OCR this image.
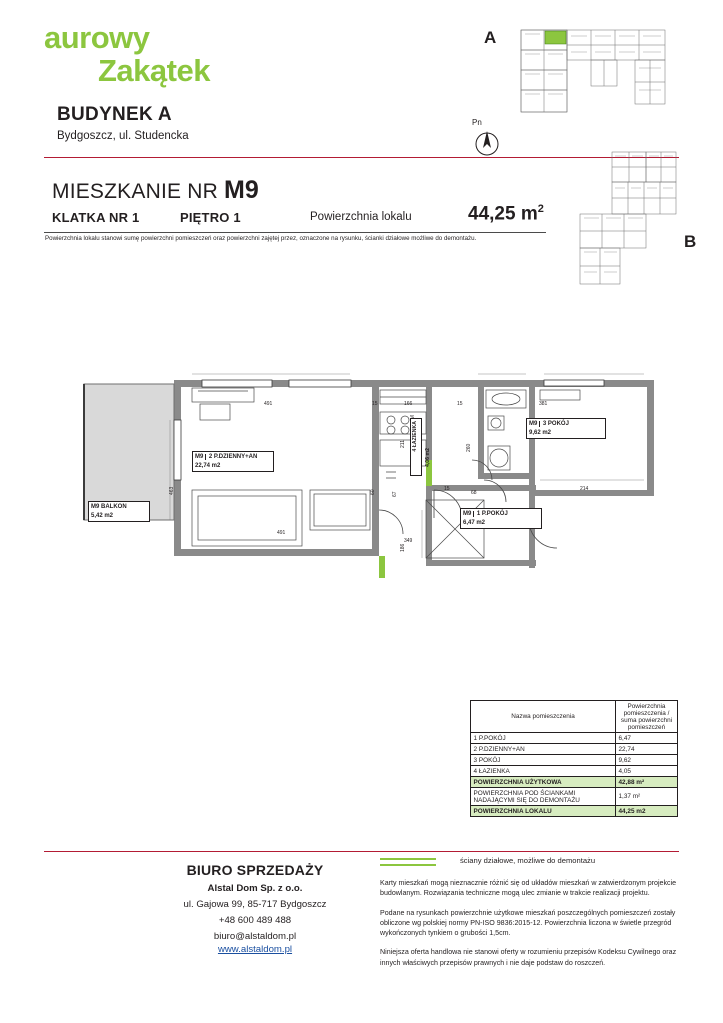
aurowy
Zakątek
BUDYNEK A
Bydgoszcz, ul. Studencka
MIESZKANIE NR M9
KLATKA NR 1	PIĘTRO 1	Powierzchnia lokalu	44,25 $m^2$
Powierzchnia lokalu stanowi sumę powierzchni pomieszczeń oraz powierzchni zajętej przez, oznaczone na rysunku, ścianki działowe możliwe do demontażu.
A
Pn
B
491	15	166	15	381
211
463
260
491
60	67
15
68
214
186
349
M9 2 P.DZIENNY+AN
22,74 m2
M9 3 POKÓJ
9,62 m2
M9 1 P.POKÓJ
6,47 m2
4 ŁAZIENKA
4,06 m2
M9 BALKON
5,42 m2
Nazwa pomieszczenia	Powierzchnia pomieszczenia / suma powierzchni pomieszczeń
1 P.POKÓJ	6,47
2 P.DZIENNY+AN	22,74
3 POKÓJ	9,62
4 ŁAZIENKA	4,05
POWIERZCHNIA UŻYTKOWA	42,88 m²
POWIERZCHNIA POD ŚCIANKAMI NADAJĄCYMI SIĘ DO DEMONTAŻU	1,37 m²
POWIERZCHNIA LOKALU	44,25 m2
BIURO SPRZEDAŻY
Alstal Dom Sp. z o.o.
ul. Gajowa 99, 85-717 Bydgoszcz
+48 600 489 488
biuro@alstaldom.pl
www.alstaldom.pl
ściany działowe, możliwe do demontażu

Karty mieszkań mogą nieznacznie różnić się od układów mieszkań w zatwierdzonym projekcie budowlanym. Rozwiązania techniczne mogą ulec zmianie w trakcie realizacji projektu.

Podane na rysunkach powierzchnie użytkowe mieszkań poszczególnych pomieszczeń zostały obliczone wg polskiej normy PN-ISO 9836:2015-12. Powierzchnia liczona w świetle przegród wykończonych tynkiem o grubości 1,5cm.

Niniejsza oferta handlowa nie stanowi oferty w rozumieniu przepisów Kodeksu Cywilnego oraz innych właściwych przepisów prawnych i nie daje podstaw do roszczeń.
